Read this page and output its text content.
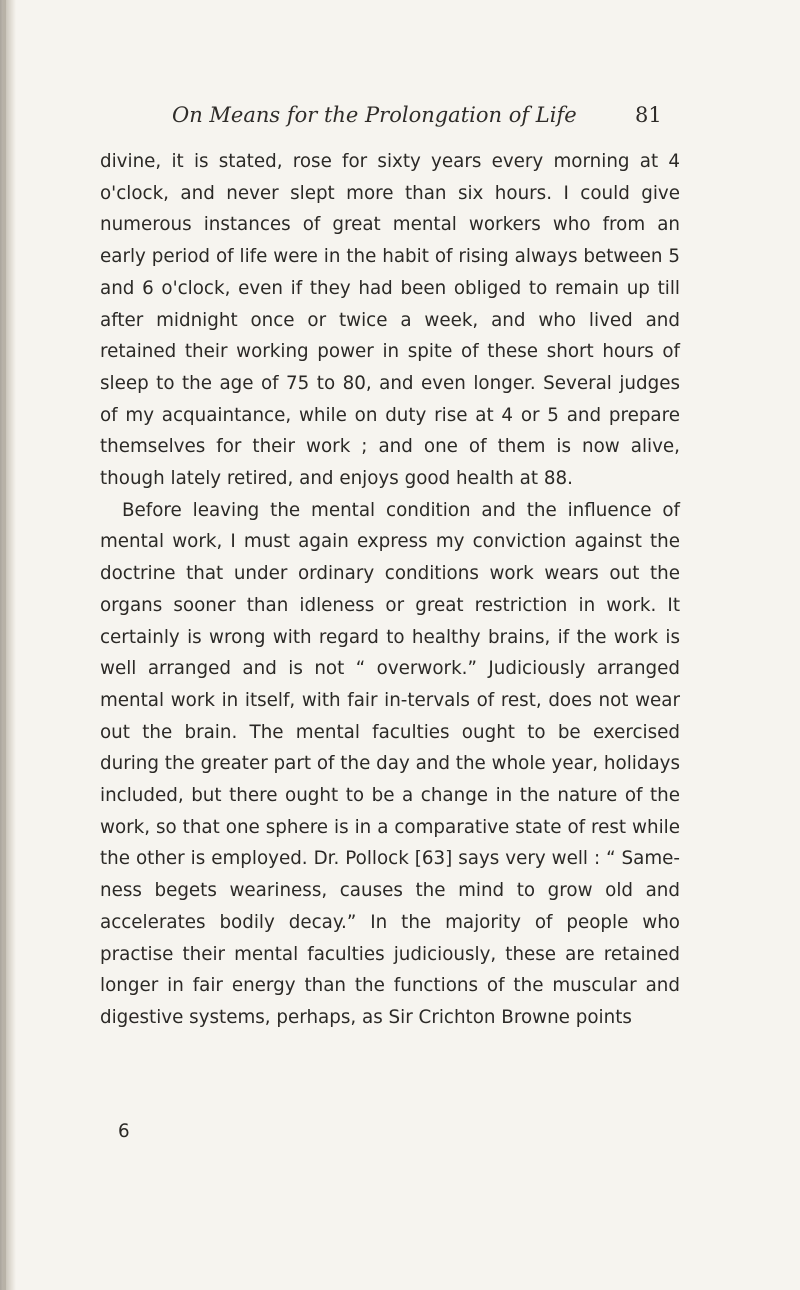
On Means for the Prolongation of Life	81

divine, it is stated, rose for sixty years every morning at 4 o'clock, and never slept more than six hours. I could give numerous instances of great mental workers who from an early period of life were in the habit of rising always between 5 and 6 o'clock, even if they had been obliged to remain up till after midnight once or twice a week, and who lived and retained their working power in spite of these short hours of sleep to the age of 75 to 80, and even longer. Several judges of my acquaintance, while on duty rise at 4 or 5 and prepare themselves for their work ; and one of them is now alive, though lately retired, and enjoys good health at 88.

Before leaving the mental condition and the influence of mental work, I must again express my conviction against the doctrine that under ordinary conditions work wears out the organs sooner than idleness or great restriction in work. It certainly is wrong with regard to healthy brains, if the work is well arranged and is not “ overwork.” Judiciously arranged mental work in itself, with fair in-tervals of rest, does not wear out the brain. The mental faculties ought to be exercised during the greater part of the day and the whole year, holidays included, but there ought to be a change in the nature of the work, so that one sphere is in a comparative state of rest while the other is employed. Dr. Pollock [63] says very well : “ Same-ness begets weariness, causes the mind to grow old and accelerates bodily decay.” In the majority of people who practise their mental faculties judiciously, these are retained longer in fair energy than the functions of the muscular and digestive systems, perhaps, as Sir Crichton Browne points

6
